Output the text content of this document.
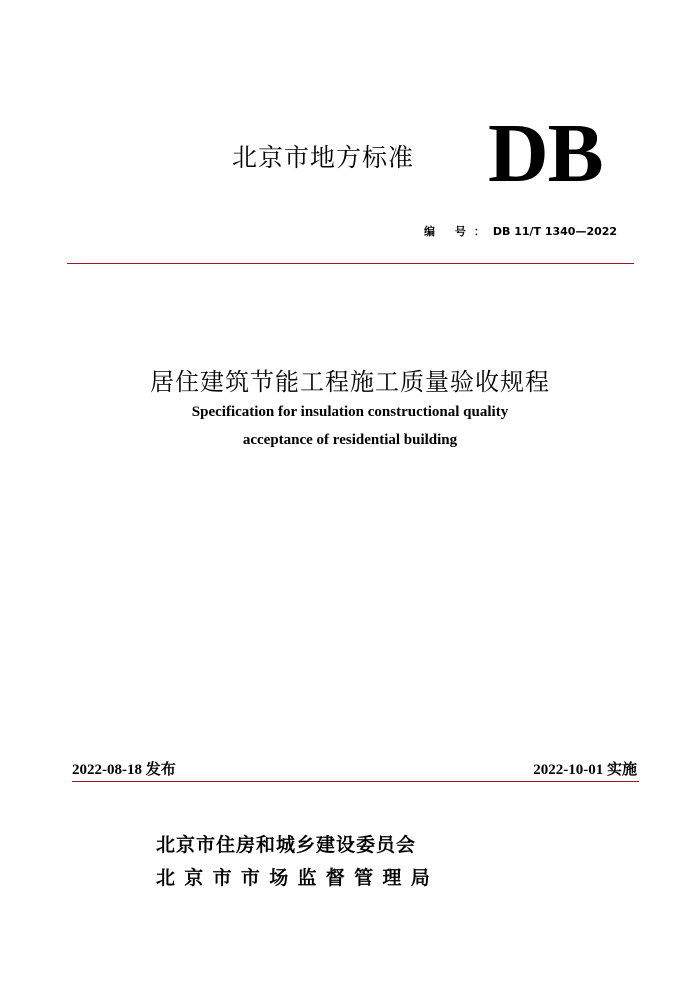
北京市地方标准 DB
编 号：DB 11/T 1340—2022
居住建筑节能工程施工质量验收规程
Specification for insulation constructional quality
acceptance of residential building
2022-08-18 发布	2022-10-01 实施
北京市住房和城乡建设委员会
北京市市场监督管理局
